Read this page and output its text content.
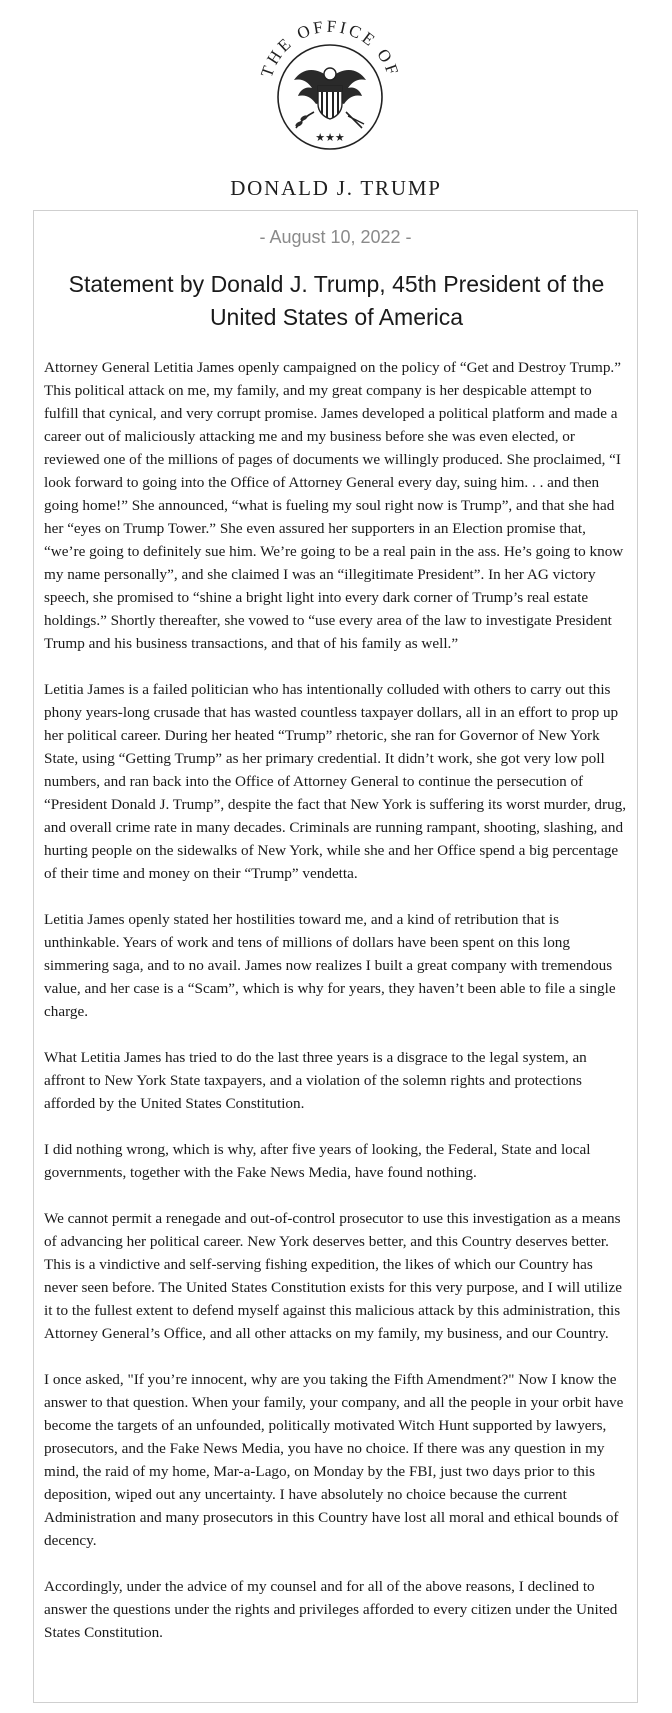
THE OFFICE OF
★★★
DONALD J. TRUMP
- August 10, 2022 -
Statement by Donald J. Trump, 45th President of the United States of America

Attorney General Letitia James openly campaigned on the policy of “Get and Destroy Trump.” This political attack on me, my family, and my great company is her despicable attempt to fulfill that cynical, and very corrupt promise. James developed a political platform and made a career out of maliciously attacking me and my business before she was even elected, or reviewed one of the millions of pages of documents we willingly produced. She proclaimed, “I look forward to going into the Office of Attorney General every day, suing him. . . and then going home!” She announced, “what is fueling my soul right now is Trump”, and that she had her “eyes on Trump Tower.” She even assured her supporters in an Election promise that, “we’re going to definitely sue him. We’re going to be a real pain in the ass. He’s going to know my name personally”, and she claimed I was an “illegitimate President”. In her AG victory speech, she promised to “shine a bright light into every dark corner of Trump’s real estate holdings.” Shortly thereafter, she vowed to “use every area of the law to investigate President Trump and his business transactions, and that of his family as well.”

Letitia James is a failed politician who has intentionally colluded with others to carry out this phony years-long crusade that has wasted countless taxpayer dollars, all in an effort to prop up her political career. During her heated “Trump” rhetoric, she ran for Governor of New York State, using “Getting Trump” as her primary credential. It didn’t work, she got very low poll numbers, and ran back into the Office of Attorney General to continue the persecution of “President Donald J. Trump”, despite the fact that New York is suffering its worst murder, drug, and overall crime rate in many decades. Criminals are running rampant, shooting, slashing, and hurting people on the sidewalks of New York, while she and her Office spend a big percentage of their time and money on their “Trump” vendetta.

Letitia James openly stated her hostilities toward me, and a kind of retribution that is unthinkable. Years of work and tens of millions of dollars have been spent on this long simmering saga, and to no avail. James now realizes I built a great company with tremendous value, and her case is a “Scam”, which is why for years, they haven’t been able to file a single charge.

What Letitia James has tried to do the last three years is a disgrace to the legal system, an affront to New York State taxpayers, and a violation of the solemn rights and protections afforded by the United States Constitution.

I did nothing wrong, which is why, after five years of looking, the Federal, State and local governments, together with the Fake News Media, have found nothing.

We cannot permit a renegade and out-of-control prosecutor to use this investigation as a means of advancing her political career. New York deserves better, and this Country deserves better. This is a vindictive and self-serving fishing expedition, the likes of which our Country has never seen before. The United States Constitution exists for this very purpose, and I will utilize it to the fullest extent to defend myself against this malicious attack by this administration, this Attorney General’s Office, and all other attacks on my family, my business, and our Country.

I once asked, "If you’re innocent, why are you taking the Fifth Amendment?" Now I know the answer to that question. When your family, your company, and all the people in your orbit have become the targets of an unfounded, politically motivated Witch Hunt supported by lawyers, prosecutors, and the Fake News Media, you have no choice. If there was any question in my mind, the raid of my home, Mar-a-Lago, on Monday by the FBI, just two days prior to this deposition, wiped out any uncertainty. I have absolutely no choice because the current Administration and many prosecutors in this Country have lost all moral and ethical bounds of decency.

Accordingly, under the advice of my counsel and for all of the above reasons, I declined to answer the questions under the rights and privileges afforded to every citizen under the United States Constitution.
